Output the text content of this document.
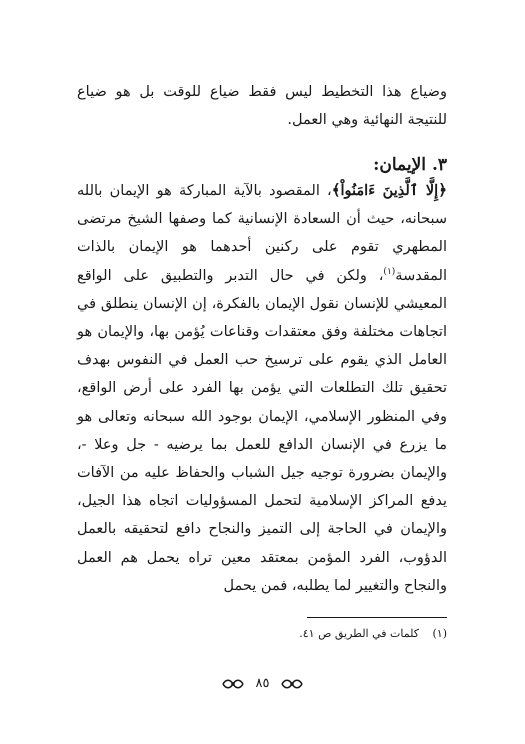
وضياع هذا التخطيط ليس فقط ضياع للوقت بل هو ضياع للنتيجة النهائية وهي العمل.

٣. الإيمان:

﴿إِلَّا ٱلَّذِينَ ءَامَنُواْ﴾، المقصود بالآية المباركة هو الإيمان بالله سبحانه، حيث أن السعادة الإنسانية كما وصفها الشيخ مرتضى المطهري تقوم على ركنين أحدهما هو الإيمان بالذات المقدسة$^{(١)}$، ولكن في حال التدبر والتطبيق على الواقع المعيشي للإنسان نقول الإيمان بالفكرة، إن الإنسان ينطلق في اتجاهات مختلفة وفق معتقدات وقناعات يُؤمن بها، والإيمان هو العامل الذي يقوم على ترسيخ حب العمل في النفوس بهدف تحقيق تلك التطلعات التي يؤمن بها الفرد على أرض الواقع، وفي المنظور الإسلامي، الإيمان بوجود الله سبحانه وتعالى هو ما يزرع في الإنسان الدافع للعمل بما يرضيه - جل وعلا -، والإيمان بضرورة توجيه جيل الشباب والحفاظ عليه من الآفات يدفع المراكز الإسلامية لتحمل المسؤوليات اتجاه هذا الجيل، والإيمان في الحاجة إلى التميز والنجاح دافع لتحقيقه بالعمل الدؤوب، الفرد المؤمن بمعتقد معين تراه يحمل هم العمل والنجاح والتغيير لما يطلبه، فمن يحمل

(١) كلمات في الطريق ص ٤١.
٨٥
